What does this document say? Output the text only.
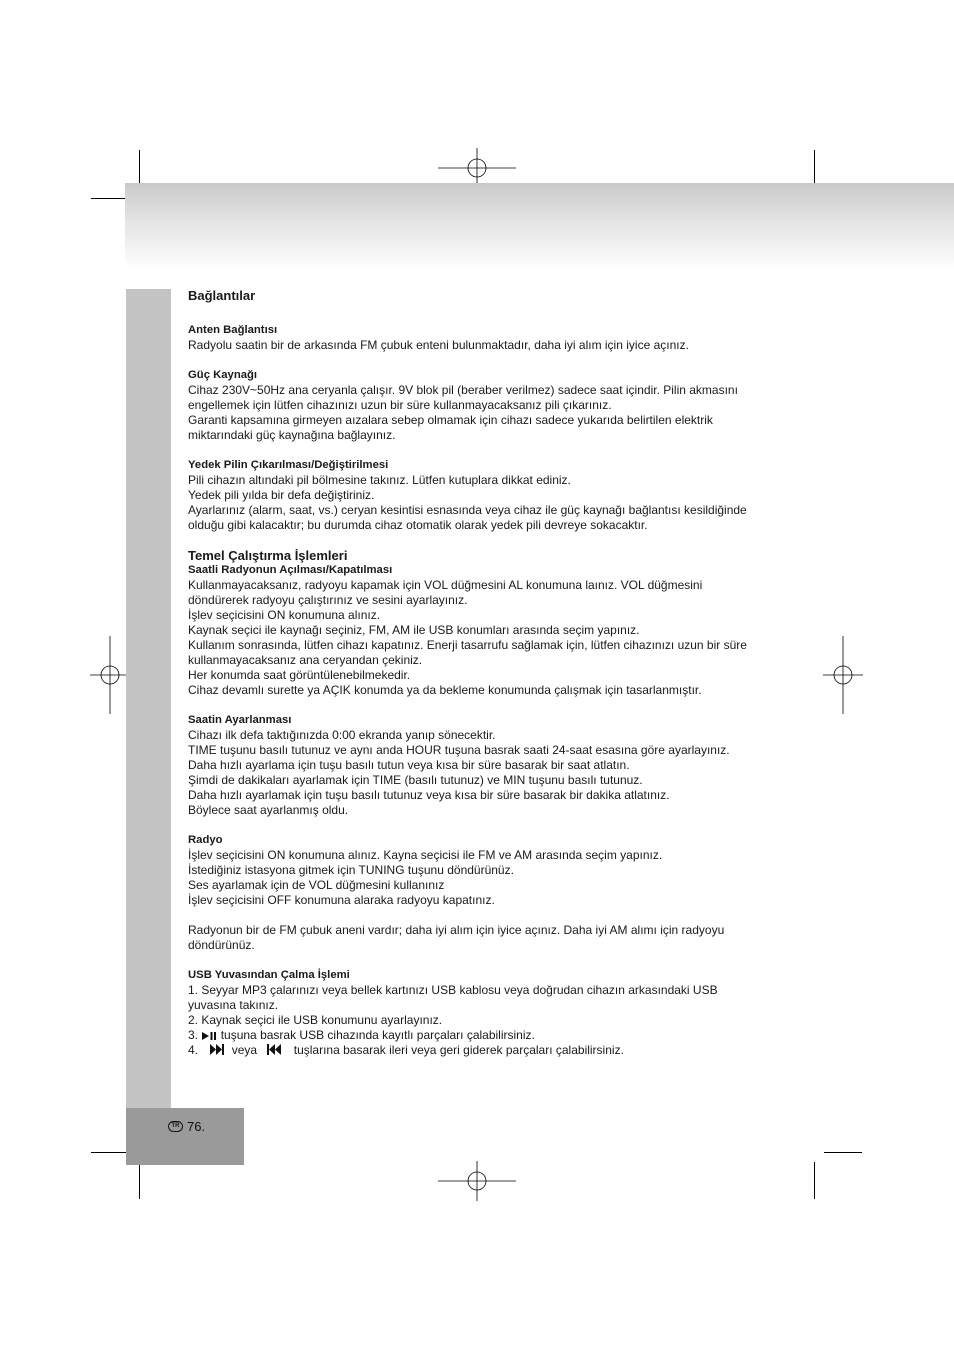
TR 76.

Bağlantılar

Anten Bağlantısı

Radyolu saatin bir de arkasında FM çubuk enteni bulunmaktadır, daha iyi alım için iyice açınız.

Güç Kaynağı

Cihaz 230V~50Hz ana ceryanla çalışır. 9V blok pil (beraber verilmez) sadece saat içindir. Pilin akmasını

engellemek için lütfen cihazınızı uzun bir süre kullanmayacaksanız pili çıkarınız.

Garanti kapsamına girmeyen aızalara sebep olmamak için cihazı sadece yukarıda belirtilen elektrik

miktarındaki güç kaynağına bağlayınız.

Yedek Pilin Çıkarılması/Değiştirilmesi

Pili cihazın altındaki pil bölmesine takınız. Lütfen kutuplara dikkat ediniz.

Yedek pili yılda bir defa değiştiriniz.

Ayarlarınız (alarm, saat, vs.) ceryan kesintisi esnasında veya cihaz ile güç kaynağı bağlantısı kesildiğinde

olduğu gibi kalacaktır; bu durumda cihaz otomatik olarak yedek pili devreye sokacaktır.

Temel Çalıştırma İşlemleri

Saatli Radyonun Açılması/Kapatılması

Kullanmayacaksanız, radyoyu kapamak için VOL düğmesini AL konumuna laınız. VOL düğmesini

döndürerek radyoyu çalıştırınız ve sesini ayarlayınız.

İşlev seçicisini ON konumuna alınız.

Kaynak seçici ile kaynağı seçiniz, FM, AM ile USB konumları arasında seçim yapınız.

Kullanım sonrasında, lütfen cihazı kapatınız. Enerji tasarrufu sağlamak için, lütfen cihazınızı uzun bir süre

kullanmayacaksanız ana ceryandan çekiniz.

Her konumda saat görüntülenebilmekedir.

Cihaz devamlı surette ya AÇIK konumda ya da bekleme konumunda çalışmak için tasarlanmıştır.

Saatin Ayarlanması

Cihazı ilk defa taktığınızda 0:00 ekranda yanıp sönecektir.

TIME tuşunu basılı tutunuz ve aynı anda HOUR tuşuna basrak saati 24-saat esasına göre ayarlayınız.

Daha hızlı ayarlama için tuşu basılı tutun veya kısa bir süre basarak bir saat atlatın.

Şimdi de dakikaları ayarlamak için TIME (basılı tutunuz) ve MIN tuşunu basılı tutunuz.

Daha hızlı ayarlamak için tuşu basılı tutunuz veya kısa bir süre basarak bir dakika atlatınız.

Böylece saat ayarlanmış oldu.

Radyo

İşlev seçicisini ON konumuna alınız. Kayna seçicisi ile FM ve AM arasında seçim yapınız.

İstediğiniz istasyona gitmek için TUNING tuşunu döndürünüz.

Ses ayarlamak için de VOL düğmesini kullanınız

İşlev seçicisini OFF konumuna alaraka radyoyu kapatınız.

Radyonun bir de FM çubuk aneni vardır; daha iyi alım için iyice açınız. Daha iyi AM alımı için radyoyu

döndürünüz.

USB Yuvasından Çalma İşlemi

1. Seyyar MP3 çalarınızı veya bellek kartınızı USB kablosu veya doğrudan cihazın arkasındaki USB

yuvasına takınız.

2. Kaynak seçici ile USB konumunu ayarlayınız.

3. tuşuna basrak USB cihazında kayıtlı parçaları çalabilirsiniz.

4.	veya	tuşlarına basarak ileri veya geri giderek parçaları çalabilirsiniz.
